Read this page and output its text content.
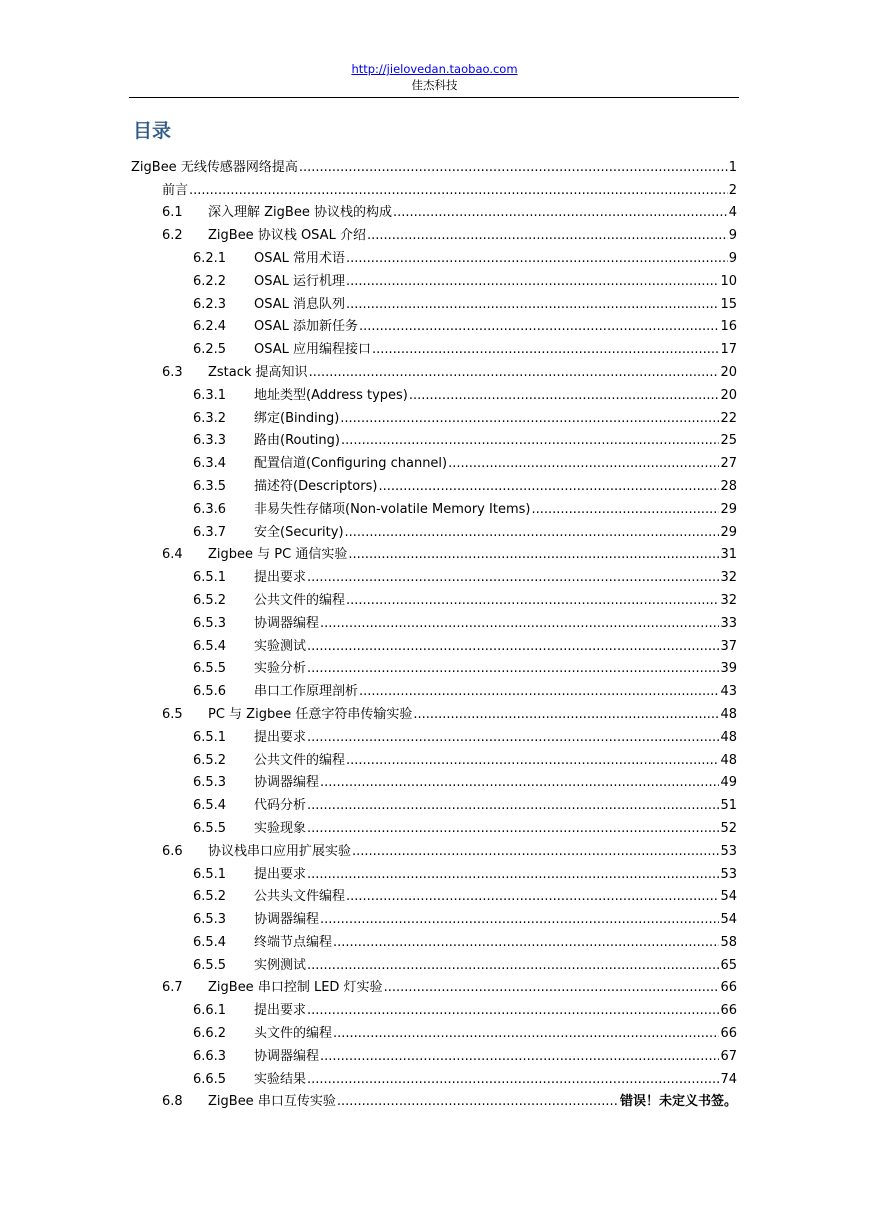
http://jielovedan.taobao.com
佳杰科技
目录
ZigBee 无线传感器网络提高 .....	1
前言 .....	2
6.1	深入理解 ZigBee 协议栈的构成 .....	4
6.2	ZigBee 协议栈 OSAL 介绍 .....	9
6.2.1	OSAL 常用术语 .....	9
6.2.2	OSAL 运行机理 .....	10
6.2.3	OSAL 消息队列 .....	15
6.2.4	OSAL 添加新任务 .....	16
6.2.5	OSAL 应用编程接口 .....	17
6.3	Zstack 提高知识 .....	20
6.3.1	地址类型(Address types) .....	20
6.3.2	绑定(Binding) .....	22
6.3.3	路由(Routing) .....	25
6.3.4	配置信道(Configuring channel) .....	27
6.3.5	描述符(Descriptors) .....	28
6.3.6	非易失性存储项(Non-volatile Memory Items) .....	29
6.3.7	安全(Security) .....	29
6.4	Zigbee 与 PC 通信实验 .....	31
6.5.1	提出要求 .....	32
6.5.2	公共文件的编程 .....	32
6.5.3	协调器编程 .....	33
6.5.4	实验测试 .....	37
6.5.5	实验分析 .....	39
6.5.6	串口工作原理剖析 .....	43
6.5	PC 与 Zigbee 任意字符串传输实验 .....	48
6.5.1	提出要求 .....	48
6.5.2	公共文件的编程 .....	48
6.5.3	协调器编程 .....	49
6.5.4	代码分析 .....	51
6.5.5	实验现象 .....	52
6.6	协议栈串口应用扩展实验 .....	53
6.5.1	提出要求 .....	53
6.5.2	公共头文件编程 .....	54
6.5.3	协调器编程 .....	54
6.5.4	终端节点编程 .....	58
6.5.5	实例测试 .....	65
6.7	ZigBee 串口控制 LED 灯实验 .....	66
6.6.1	提出要求 .....	66
6.6.2	头文件的编程 .....	66
6.6.3	协调器编程 .....	67
6.6.5	实验结果 .....	74
6.8	ZigBee 串口互传实验 .....	错误！未定义书签。
